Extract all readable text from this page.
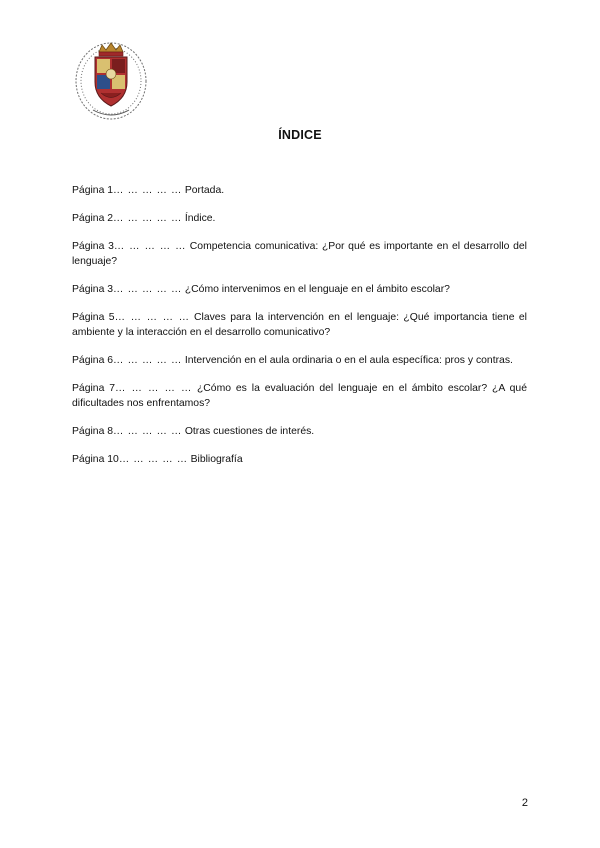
ÍNDICE

Página 1… … … … … Portada.

Página 2… … … … … Índice.

Página 3… … … … … Competencia comunicativa: ¿Por qué es importante en el desarrollo del lenguaje?

Página 3… … … … … ¿Cómo intervenimos en el lenguaje en el ámbito escolar?

Página 5… … … … … Claves para la intervención en el lenguaje: ¿Qué importancia tiene el ambiente y la interacción en el desarrollo comunicativo?

Página 6… … … … … Intervención en el aula ordinaria o en el aula específica: pros y contras.

Página 7… … … … … ¿Cómo es la evaluación del lenguaje en el ámbito escolar? ¿A qué dificultades nos enfrentamos?

Página 8… … … … … Otras cuestiones de interés.

Página 10… … … … … Bibliografía

2
